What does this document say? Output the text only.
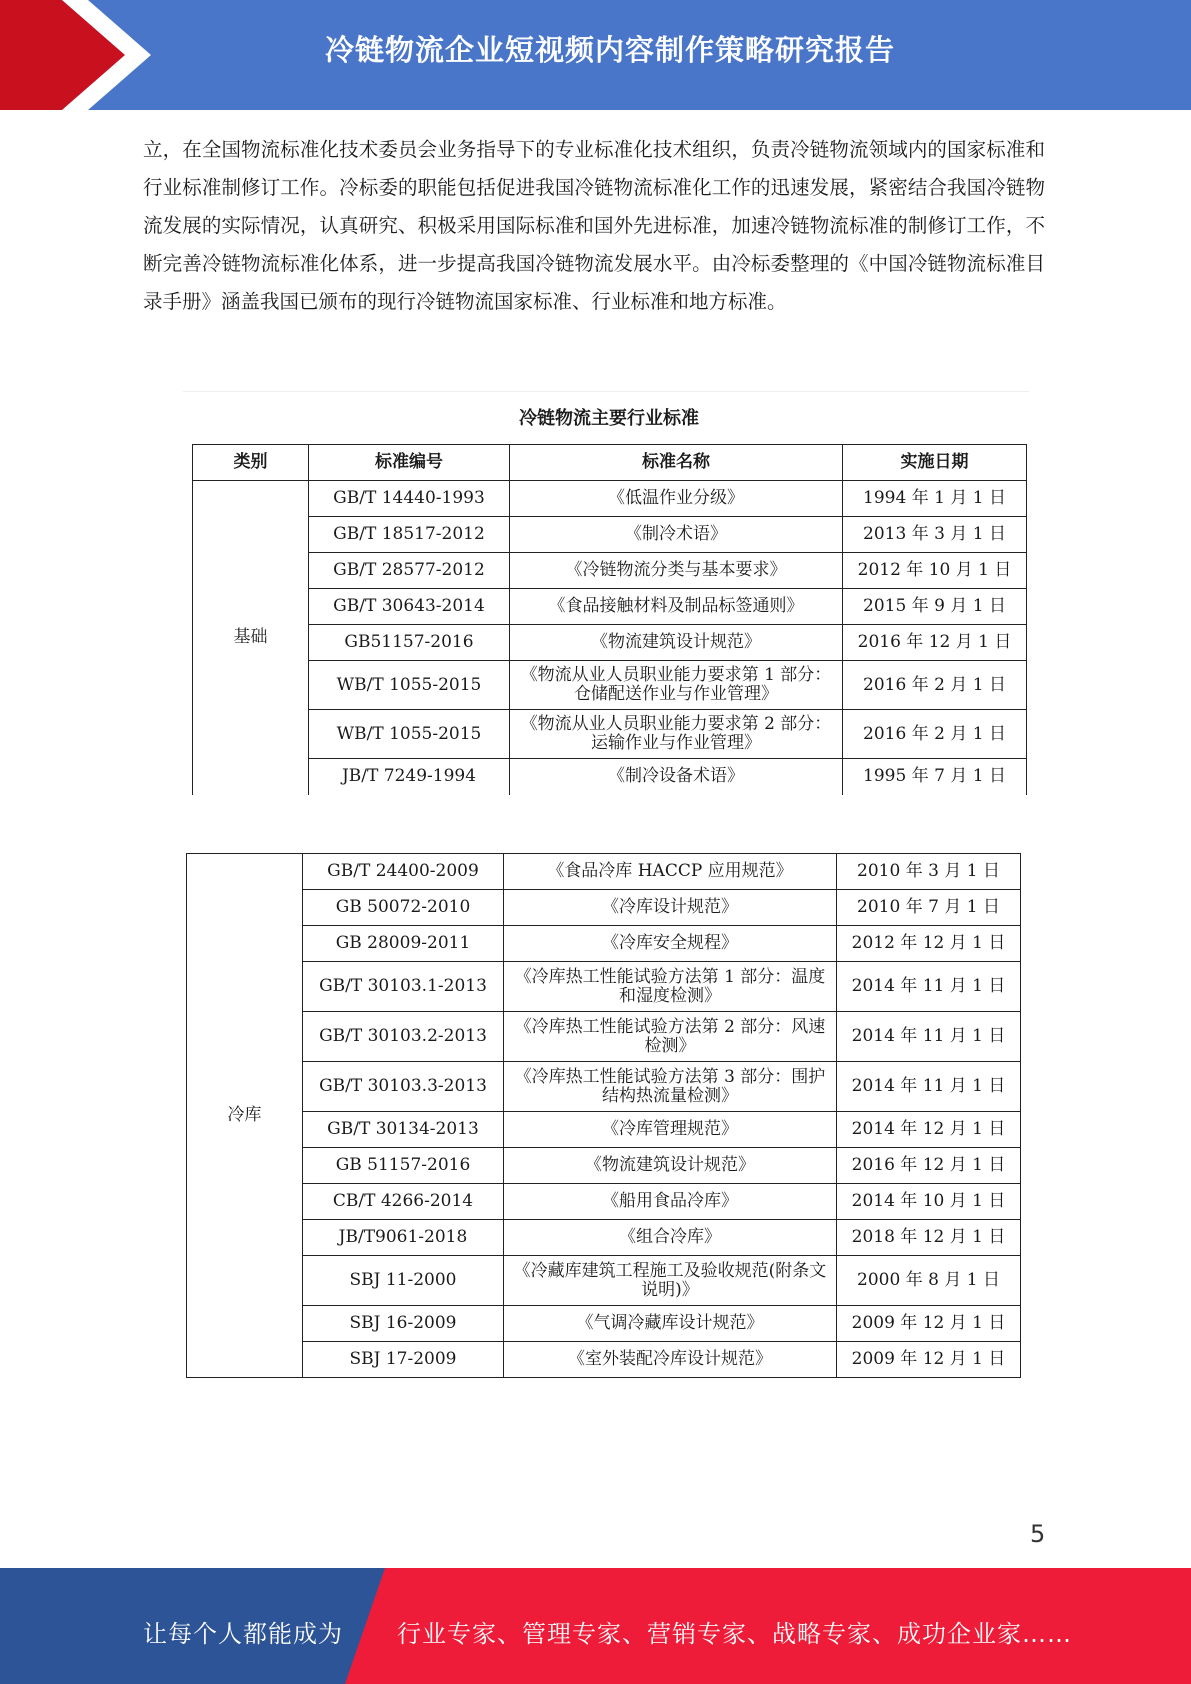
冷链物流企业短视频内容制作策略研究报告
立，在全国物流标准化技术委员会业务指导下的专业标准化技术组织，负责冷链物流领域内的国家标准和行业标准制修订工作。冷标委的职能包括促进我国冷链物流标准化工作的迅速发展，紧密结合我国冷链物流发展的实际情况，认真研究、积极采用国际标准和国外先进标准，加速冷链物流标准的制修订工作，不断完善冷链物流标准化体系，进一步提高我国冷链物流发展水平。由冷标委整理的《中国冷链物流标准目录手册》涵盖我国已颁布的现行冷链物流国家标准、行业标准和地方标准。
冷链物流主要行业标准
类别	标准编号	标准名称	实施日期
基础	GB/T 14440-1993	《低温作业分级》	1994 年 1 月 1 日
	GB/T 18517-2012	《制冷术语》	2013 年 3 月 1 日
	GB/T 28577-2012	《冷链物流分类与基本要求》	2012 年 10 月 1 日
	GB/T 30643-2014	《食品接触材料及制品标签通则》	2015 年 9 月 1 日
	GB51157-2016	《物流建筑设计规范》	2016 年 12 月 1 日
	WB/T 1055-2015	《物流从业人员职业能力要求第 1 部分：仓储配送作业与作业管理》	2016 年 2 月 1 日
	WB/T 1055-2015	《物流从业人员职业能力要求第 2 部分：运输作业与作业管理》	2016 年 2 月 1 日
	JB/T 7249-1994	《制冷设备术语》	1995 年 7 月 1 日
冷库	GB/T 24400-2009	《食品冷库 HACCP 应用规范》	2010 年 3 月 1 日
	GB 50072-2010	《冷库设计规范》	2010 年 7 月 1 日
	GB 28009-2011	《冷库安全规程》	2012 年 12 月 1 日
	GB/T 30103.1-2013	《冷库热工性能试验方法第 1 部分：温度和湿度检测》	2014 年 11 月 1 日
	GB/T 30103.2-2013	《冷库热工性能试验方法第 2 部分：风速检测》	2014 年 11 月 1 日
	GB/T 30103.3-2013	《冷库热工性能试验方法第 3 部分：围护结构热流量检测》	2014 年 11 月 1 日
	GB/T 30134-2013	《冷库管理规范》	2014 年 12 月 1 日
	GB 51157-2016	《物流建筑设计规范》	2016 年 12 月 1 日
	CB/T 4266-2014	《船用食品冷库》	2014 年 10 月 1 日
	JB/T9061-2018	《组合冷库》	2018 年 12 月 1 日
	SBJ 11-2000	《冷藏库建筑工程施工及验收规范(附条文说明)》	2000 年 8 月 1 日
	SBJ 16-2009	《气调冷藏库设计规范》	2009 年 12 月 1 日
	SBJ 17-2009	《室外装配冷库设计规范》	2009 年 12 月 1 日
5
让每个人都能成为 行业专家、管理专家、营销专家、战略专家、成功企业家……
